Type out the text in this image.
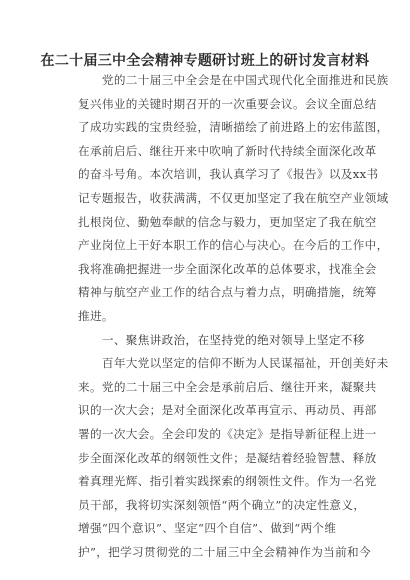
在二十届三中全会精神专题研讨班上的研讨发言材料
　　党的二十届三中全会是在中国式现代化全面推进和民族
复兴伟业的关键时期召开的一次重要会议。会议全面总结
了成功实践的宝贵经验，清晰描绘了前进路上的宏伟蓝图，
在承前启后、继往开来中吹响了新时代持续全面深化改革
的奋斗号角。本次培训，我认真学习了《报告》以及xx书
记专题报告，收获满满，不仅更加坚定了我在航空产业领域
扎根岗位、勤勉奉献的信念与毅力，更加坚定了我在航空
产业岗位上干好本职工作的信心与决心。在今后的工作中，
我将准确把握进一步全面深化改革的总体要求，找准全会
精神与航空产业工作的结合点与着力点，明确措施，统筹
推进。
　　一、聚焦讲政治，在坚持党的绝对领导上坚定不移
　　百年大党以坚定的信仰不断为人民谋福祉，开创美好未
来。党的二十届三中全会是承前启后、继往开来，凝聚共
识的一次大会；是对全面深化改革再宣示、再动员、再部
署的一次大会。全会印发的《决定》是指导新征程上进一
步全面深化改革的纲领性文件；是凝结着经验智慧、释放
着真理光辉、指引着实践探索的纲领性文件。作为一名党
员干部，我将切实深刻领悟“两个确立”的决定性意义，
增强“四个意识”、坚定“四个自信”、做到“两个维
护”，把学习贯彻党的二十届三中全会精神作为当前和今
